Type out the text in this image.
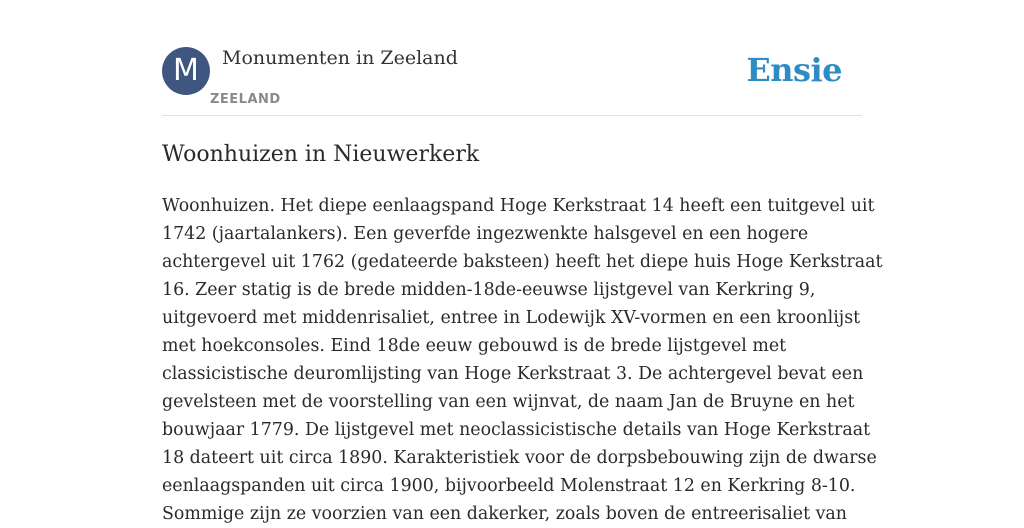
M Monumenten in Zeeland
ZEELAND
Ensie
Woonhuizen in Nieuwerkerk
Woonhuizen. Het diepe eenlaagspand Hoge Kerkstraat 14 heeft een tuitgevel uit
1742 (jaartalankers). Een geverfde ingezwenkte halsgevel en een hogere
achtergevel uit 1762 (gedateerde baksteen) heeft het diepe huis Hoge Kerkstraat
16. Zeer statig is de brede midden-18de-eeuwse lijstgevel van Kerkring 9,
uitgevoerd met middenrisaliet, entree in Lodewijk XV-vormen en een kroonlijst
met hoekconsoles. Eind 18de eeuw gebouwd is de brede lijstgevel met
classicistische deuromlijsting van Hoge Kerkstraat 3. De achtergevel bevat een
gevelsteen met de voorstelling van een wijnvat, de naam Jan de Bruyne en het
bouwjaar 1779. De lijstgevel met neoclassicistische details van Hoge Kerkstraat
18 dateert uit circa 1890. Karakteristiek voor de dorpsbebouwing zijn de dwarse
eenlaagspanden uit circa 1900, bijvoorbeeld Molenstraat 12 en Kerkring 8-10.
Sommige zijn ze voorzien van een dakerker, zoals boven de entreerisaliet van
